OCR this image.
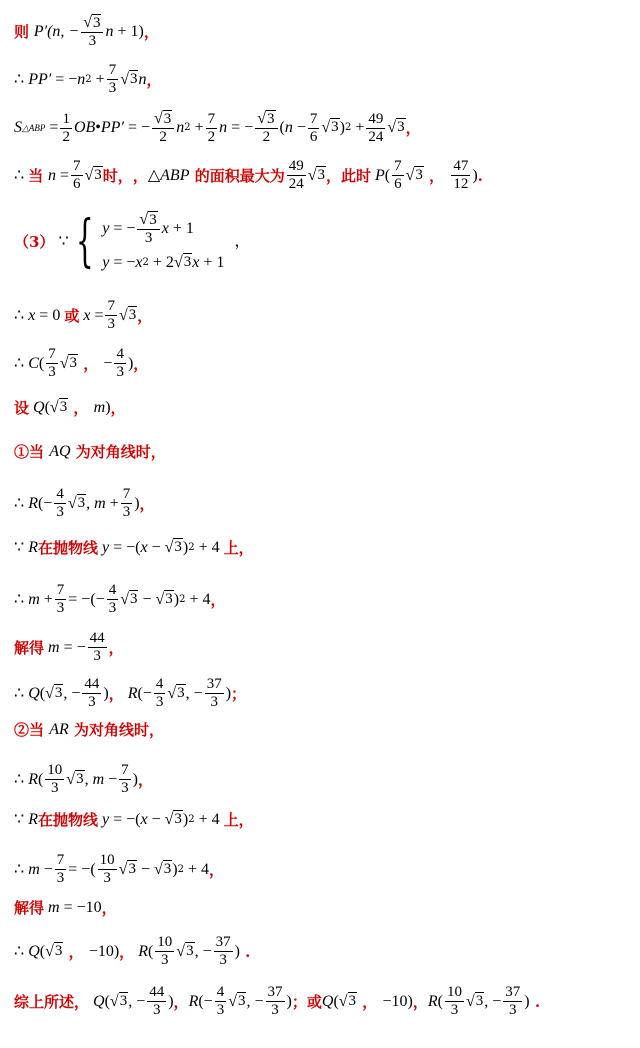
则
P′(n, − $\frac{√ 3}{3}$ n + 1) ，
∴ PP′ = − n $2 + \frac{7}{3}$ √ 3 n ，
S △ABP = $\frac{1}{2}$ OB • PP′ = − $\frac{√ 3}{2}$ n $2 + \frac{7}{2}$ n = − $\frac{√ 3}{2}$ ( $n - \frac{7}{6}$ √ 3 ) $2 + \frac{49}{24}$ √ 3 ，
∴ 当
$n = \frac{7}{6}$ √ 3 时， ， △ ABP 的面积最大为 $\frac{49}{24}$ √ 3 ，此时 P ( $\frac{7}{6}$ √ 3 ， $\frac{47}{12}$ ) .
（3） ∵ { y = − $\frac{√ 3}{3}$ x + 1
y = − x 2 + 2 √ 3 x + 1
，
∴ x = 0 或 $x = \frac{7}{3}$ √ 3 ，
∴ C ( $\frac{7}{3}$ √ 3 ， − $\frac{4}{3}$ ) ，
设 Q ( √ 3 ， m ) ，
①当 AQ 为对角线时，
∴ R (− $\frac{4}{3}$ √ 3 , $m + \frac{7}{3}$ ) ，
∵ R 在抛物线 y = −( x − √ 3 ) 2 + 4 上，
∴ $m + \frac{7}{3}$ = −(− $\frac{4}{3}$ √ 3 − √ 3 ) 2 + 4 ，
解得 m = − $\frac{44}{3}$ ，
∴ Q ( √ 3 , − $\frac{44}{3}$ ) ， R (− $\frac{4}{3}$ √ 3 , − $\frac{37}{3}$ ) ；
②当 AR 为对角线时，
∴ R ( $\frac{10}{3}$ √ 3 , $m - \frac{7}{3}$ ) ，
∵ R 在抛物线 y = −( x − √ 3 ) 2 + 4 上，
∴ $m - \frac{7}{3}$ = −( $\frac{10}{3}$ √ 3 − √ 3 ) 2 + 4 ，
解得 m = −10 ，
∴ Q ( √ 3 ， −10) ， R ( $\frac{10}{3}$ √ 3 , − $\frac{37}{3}$ ) .
综上所述， Q ( √ 3 , − $\frac{44}{3}$ ) ， R (− $\frac{4}{3}$ √ 3 , − $\frac{37}{3}$ ) ； 或 Q ( √ 3 ， −10) ， R ( $\frac{10}{3}$ √ 3 , − $\frac{37}{3}$ ) .
